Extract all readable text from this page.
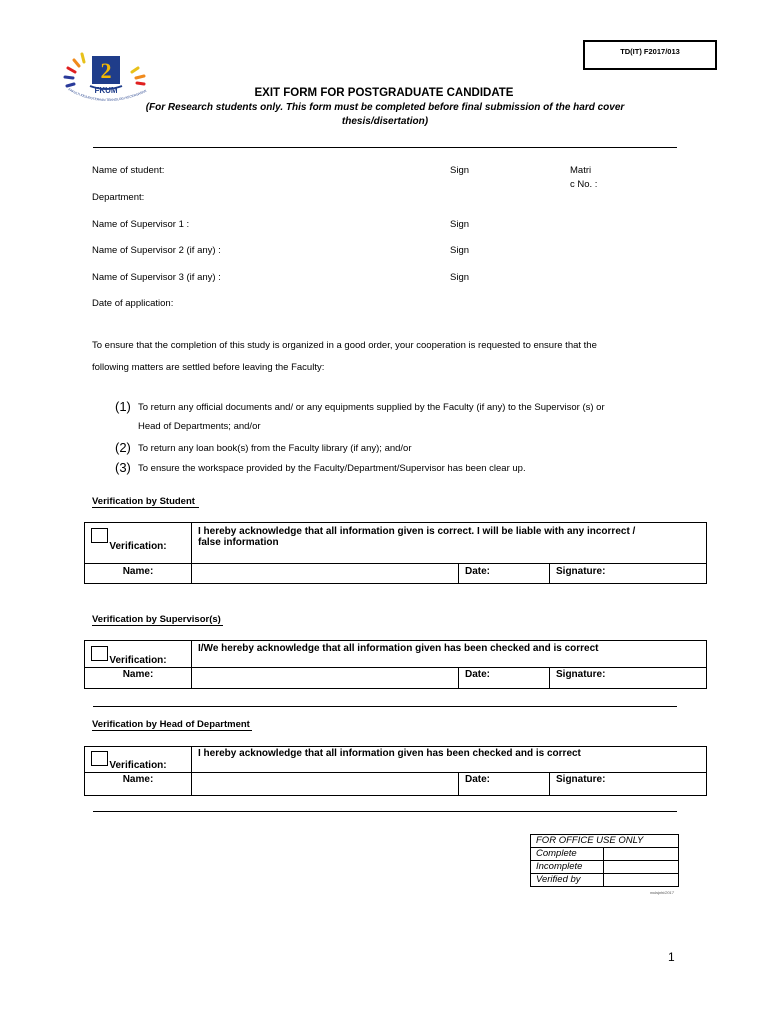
TD(IT) F2017/013
2
FKUM
FAKULTI KEJURUTERAAN TEKNOLOGI KECERGASAN	EXIT FORM FOR POSTGRADUATE CANDIDATE
(For Research students only. This form must be completed before final submission of the hard cover
thesis/disertation)
Name of student:	Sign	Matri
c No. :
Department:
Name of Supervisor 1 :	Sign
Name of Supervisor 2 (if any) :	Sign
Name of Supervisor 3 (if any) :	Sign
Date of application:
To ensure that the completion of this study is organized in a good order, your cooperation is requested to ensure that the
following matters are settled before leaving the Faculty:
(1) To return any official documents and/ or any equipments supplied by the Faculty (if any) to the Supervisor (s) or
Head of Departments; and/or
(2) To return any loan book(s) from the Faculty library (if any); and/or
(3) To ensure the workspace provided by the Faculty/Department/Supervisor has been clear up.
Verification by Student
Verification:	I hereby acknowledge that all information given is correct. I will be liable with any incorrect /
false information		

Name:		Date:	Signature:
Verification by Supervisor(s)
Verification:	I/We hereby acknowledge that all information given has been checked and is correct		
Name:		Date:	Signature:
Verification by Head of Department
Verification:	I hereby acknowledge that all information given has been checked and is correct		
Name:		Date:	Signature:
FOR OFFICE USE ONLY	
Complete	
Incomplete	
Verified by	
mdaiphi/2017
1
